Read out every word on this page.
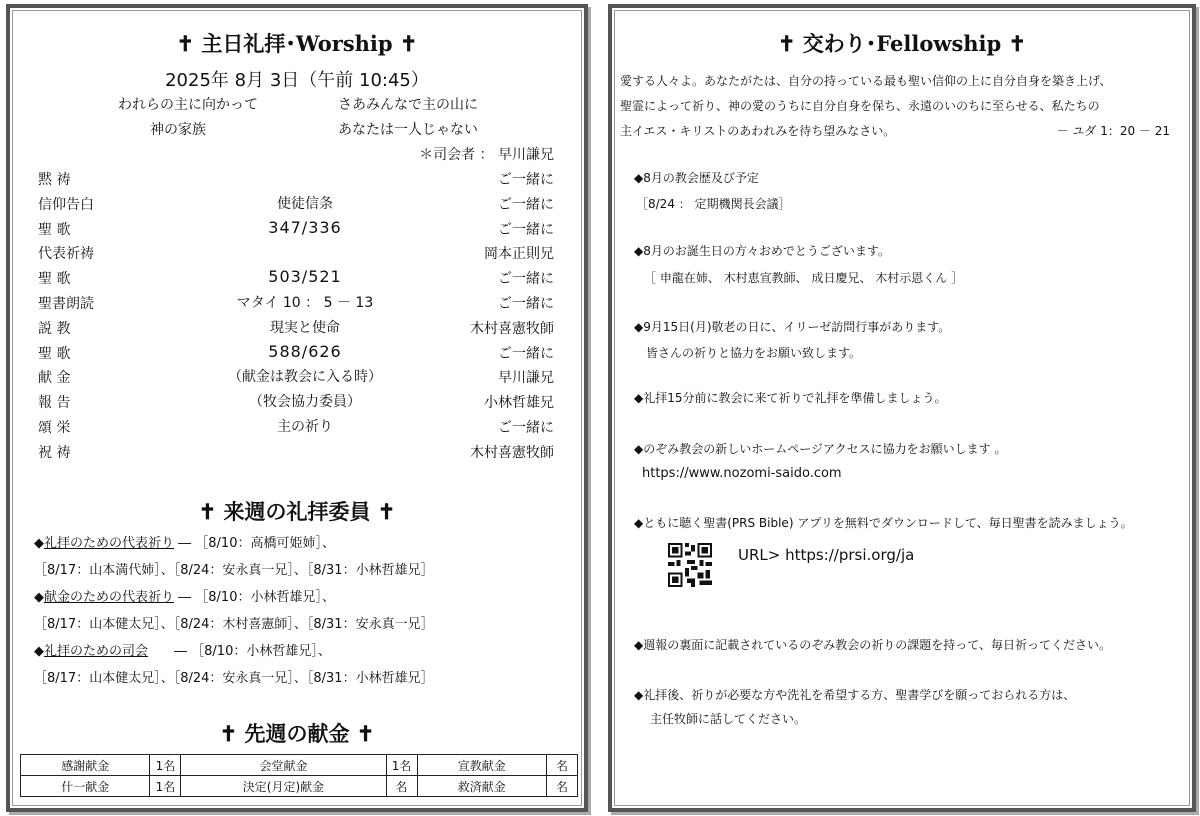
✝ 主日礼拝･Worship ✝
2025年 8月 3日（午前 10:45）
われらの主に向かって	さあみんなで主の山に
神の家族	あなたは一人じゃない
＊司会者 ： 早川謙兄
黙 祷	ご一緒に
信仰告白	使徒信条	ご一緒に
聖 歌	347/336	ご一緒に
代表祈祷	岡本正則兄
聖 歌	503/521	ご一緒に
聖書朗読	マタイ 10 ： 5 － 13	ご一緒に
説 教	現実と使命	木村喜憲牧師
聖 歌	588/626	ご一緒に
献 金	（献金は教会に入る時）	早川謙兄
報 告	（牧会協力委員）	小林哲雄兄
頌 栄	主の祈り	ご一緒に
祝 祷	木村喜憲牧師
✝ 来週の礼拝委員 ✝
◆礼拝のための代表祈り ― ［8/10：高橋可姫姉］、
［8/17：山本満代姉］、［8/24：安永真一兄］、［8/31：小林哲雄兄］
◆献金のための代表祈り ― ［8/10：小林哲雄兄］、
［8/17：山本健太兄］、［8/24：木村喜憲師］、［8/31：安永真一兄］
◆礼拝のための司会　　― ［8/10：小林哲雄兄］、
［8/17：山本健太兄］、［8/24：安永真一兄］、［8/31：小林哲雄兄］
✝ 先週の献金 ✝
感謝献金	1名	会堂献金	1名	宣教献金	名
什一献金	1名	決定(月定)献金	名	救済献金	名
✝ 交わり･Fellowship ✝
愛する人々よ。あなたがたは、自分の持っている最も聖い信仰の上に自分自身を築き上げ、
聖霊によって祈り、神の愛のうちに自分自身を保ち、永遠のいのちに至らせる、私たちの
主イエス・キリストのあわれみを待ち望みなさい。	－ ユダ 1：20 － 21
◆8月の教会歴及び予定
［8/24 ： 定期機関長会議］
◆8月のお誕生日の方々おめでとうございます。
［ 申龍在姉、 木村恵宣教師、 成日慶兄、 木村示恩くん ］
◆9月15日(月)敬老の日に、イリーゼ訪問行事があります。
皆さんの祈りと協力をお願い致します。
◆礼拝15分前に教会に来て祈りで礼拝を準備しましょう。
◆のぞみ教会の新しいホームページアクセスに協力をお願いします 。
https://www.nozomi-saido.com
◆ともに聴く聖書(PRS Bible) アプリを無料でダウンロードして、毎日聖書を読みましょう。
URL> https://prsi.org/ja
◆週報の裏面に記載されているのぞみ教会の祈りの課題を持って、毎日祈ってください。
◆礼拝後、祈りが必要な方や洗礼を希望する方、聖書学びを願っておられる方は、
主任牧師に話してください。
